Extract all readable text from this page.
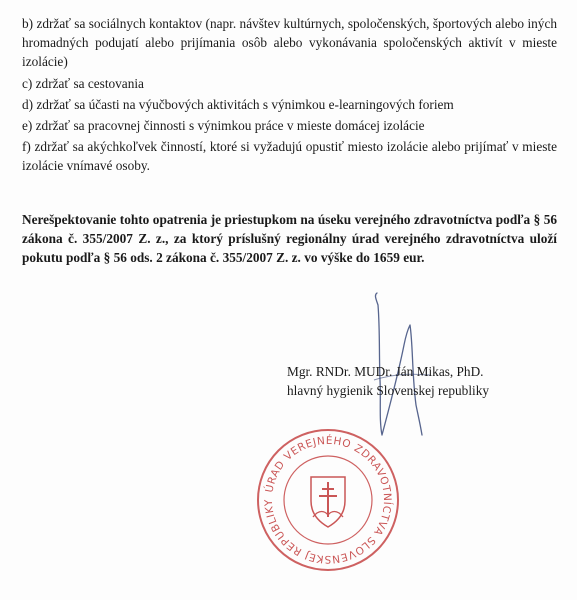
b) zdržať sa sociálnych kontaktov (napr. návštev kultúrnych, spoločenských, športových alebo iných hromadných podujatí alebo prijímania osôb alebo vykonávania spoločenských aktivít v mieste izolácie)

c) zdržať sa cestovania

d) zdržať sa účasti na výučbových aktivitách s výnimkou e-learningových foriem

e) zdržať sa pracovnej činnosti s výnimkou práce v mieste domácej izolácie

f) zdržať sa akýchkoľvek činností, ktoré si vyžadujú opustiť miesto izolácie alebo prijímať v mieste izolácie vnímavé osoby.

Nerešpektovanie tohto opatrenia je priestupkom na úseku verejného zdravotníctva podľa § 56 zákona č. 355/2007 Z. z., za ktorý príslušný regionálny úrad verejného zdravotníctva uloží pokutu podľa § 56 ods. 2 zákona č. 355/2007 Z. z. vo výške do 1659 eur.
Mgr. RNDr. MUDr. Ján Mikas, PhD.
hlavný hygienik Slovenskej republiky
ÚRAD VEREJNÉHO ZDRAVOTNÍCTVA SLOVENSKEJ REPUBLIKY
